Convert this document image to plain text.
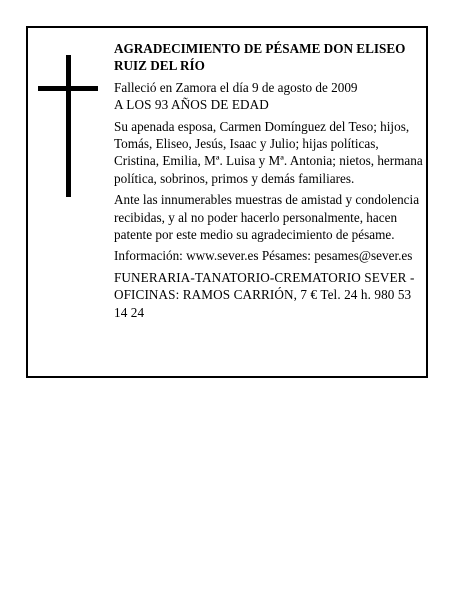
AGRADECIMIENTO DE PÉSAME DON ELISEO RUIZ DEL RÍO

Falleció en Zamora el día 9 de agosto de 2009

A LOS 93 AÑOS DE EDAD

Su apenada esposa, Carmen Domínguez del Teso; hijos, Tomás, Eliseo, Jesús, Isaac y Julio; hijas políticas, Cristina, Emilia, Mª. Luisa y Mª. Antonia; nietos, hermana política, sobrinos, primos y demás familiares.

Ante las innumerables muestras de amistad y condolencia recibidas, y al no poder hacerlo personalmente, hacen patente por este medio su agradecimiento de pésame.

Información: www.sever.es Pésames: pesames@sever.es

FUNERARIA-TANATORIO-CREMATORIO SEVER - OFICINAS: RAMOS CARRIÓN, 7 € Tel. 24 h. 980 53 14 24
